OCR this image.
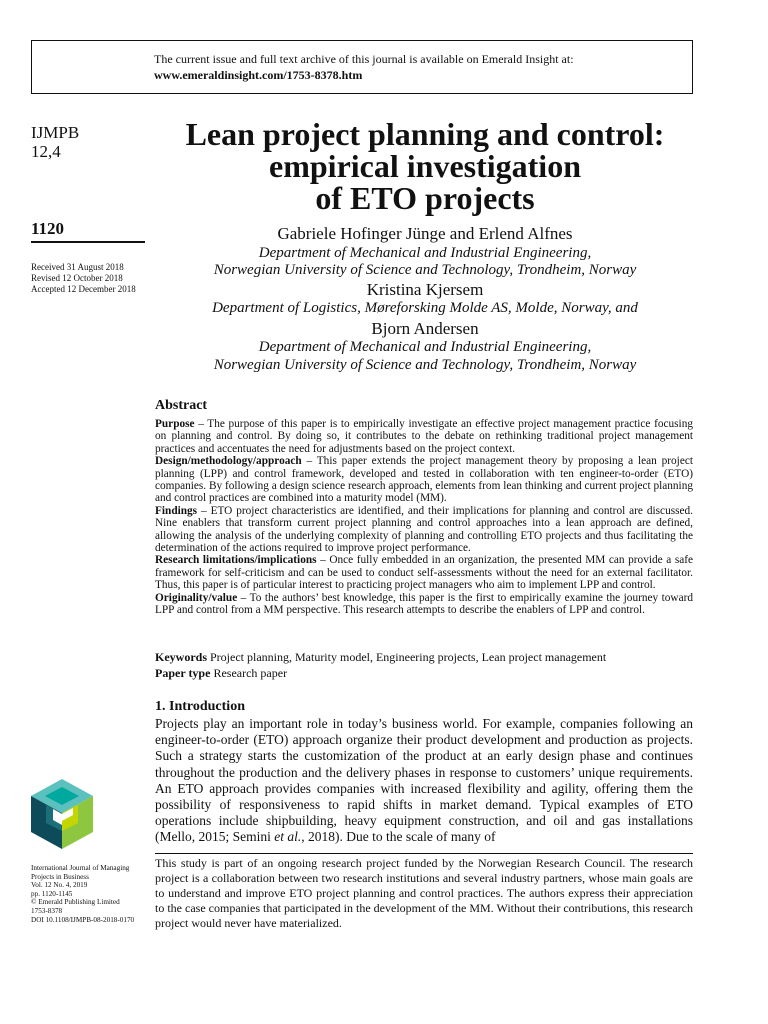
The current issue and full text archive of this journal is available on Emerald Insight at:
www.emeraldinsight.com/1753-8378.htm
IJMPB
12,4
1120
Received 31 August 2018
Revised 12 October 2018
Accepted 12 December 2018
Lean project planning and control:
empirical investigation
of ETO projects
Gabriele Hofinger Jünge and Erlend Alfnes
Department of Mechanical and Industrial Engineering,
Norwegian University of Science and Technology, Trondheim, Norway
Kristina Kjersem
Department of Logistics, Møreforsking Molde AS, Molde, Norway, and
Bjorn Andersen
Department of Mechanical and Industrial Engineering,
Norwegian University of Science and Technology, Trondheim, Norway
Abstract

Purpose – The purpose of this paper is to empirically investigate an effective project management practice focusing on planning and control. By doing so, it contributes to the debate on rethinking traditional project management practices and accentuates the need for adjustments based on the project context.

Design/methodology/approach – This paper extends the project management theory by proposing a lean project planning (LPP) and control framework, developed and tested in collaboration with ten engineer-to-order (ETO) companies. By following a design science research approach, elements from lean thinking and current project planning and control practices are combined into a maturity model (MM).

Findings – ETO project characteristics are identified, and their implications for planning and control are discussed. Nine enablers that transform current project planning and control approaches into a lean approach are defined, allowing the analysis of the underlying complexity of planning and controlling ETO projects and thus facilitating the determination of the actions required to improve project performance.

Research limitations/implications – Once fully embedded in an organization, the presented MM can provide a safe framework for self-criticism and can be used to conduct self-assessments without the need for an external facilitator. Thus, this paper is of particular interest to practicing project managers who aim to implement LPP and control.

Originality/value – To the authors’ best knowledge, this paper is the first to empirically examine the journey toward LPP and control from a MM perspective. This research attempts to describe the enablers of LPP and control.

Keywords Project planning, Maturity model, Engineering projects, Lean project management

Paper type Research paper

1. Introduction

Projects play an important role in today’s business world. For example, companies following an engineer-to-order (ETO) approach organize their product development and production as projects. Such a strategy starts the customization of the product at an early design phase and continues throughout the production and the delivery phases in response to customers’ unique requirements. An ETO approach provides companies with increased flexibility and agility, offering them the possibility of responsiveness to rapid shifts in market demand. Typical examples of ETO operations include shipbuilding, heavy equipment construction, and oil and gas installations (Mello, 2015; Semini et al., 2018). Due to the scale of many of

This study is part of an ongoing research project funded by the Norwegian Research Council. The research project is a collaboration between two research institutions and several industry partners, whose main goals are to understand and improve ETO project planning and control practices. The authors express their appreciation to the case companies that participated in the development of the MM. Without their contributions, this research project would never have materialized.
International Journal of Managing
Projects in Business
Vol. 12 No. 4, 2019
pp. 1120-1145
© Emerald Publishing Limited
1753-8378
DOI 10.1108/IJMPB-08-2018-0170
